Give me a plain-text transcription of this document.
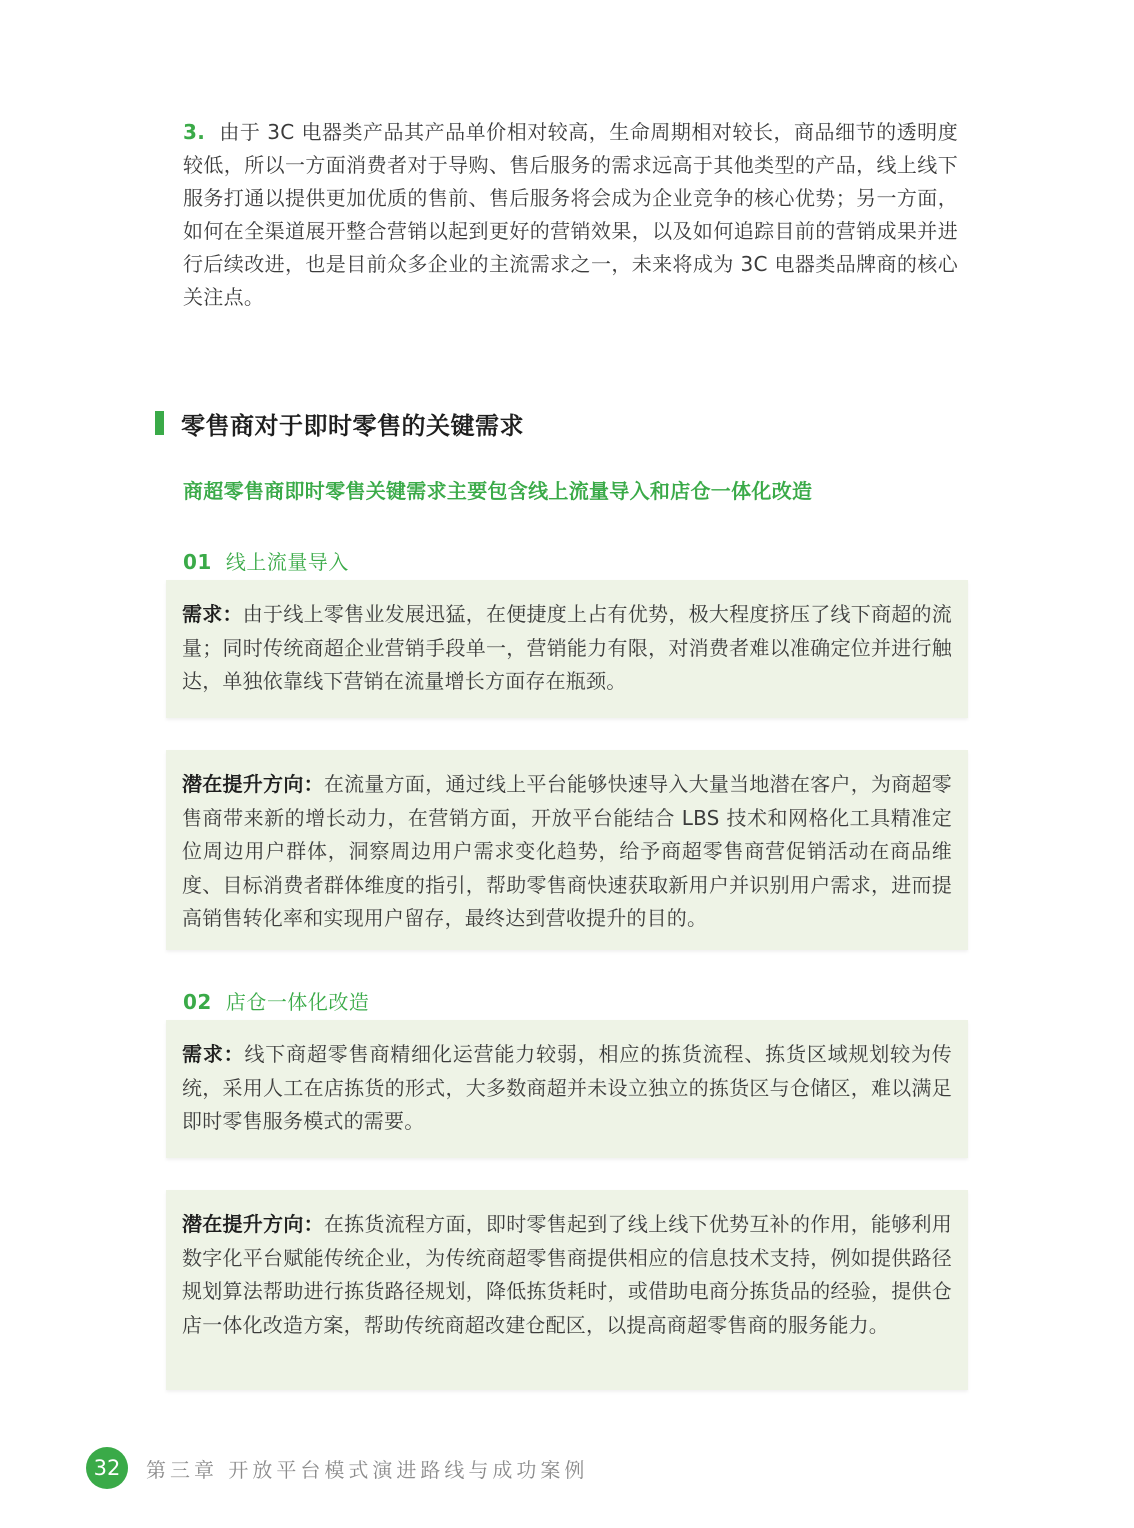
3. 由于 3C 电器类产品其产品单价相对较高，生命周期相对较长，商品细节的透明度较低，所以一方面消费者对于导购、售后服务的需求远高于其他类型的产品，线上线下服务打通以提供更加优质的售前、售后服务将会成为企业竞争的核心优势；另一方面，如何在全渠道展开整合营销以起到更好的营销效果，以及如何追踪目前的营销成果并进行后续改进，也是目前众多企业的主流需求之一，未来将成为 3C 电器类品牌商的核心关注点。
零售商对于即时零售的关键需求
商超零售商即时零售关键需求主要包含线上流量导入和店仓一体化改造
01 线上流量导入

需求：由于线上零售业发展迅猛，在便捷度上占有优势，极大程度挤压了线下商超的流量；同时传统商超企业营销手段单一，营销能力有限，对消费者难以准确定位并进行触达，单独依靠线下营销在流量增长方面存在瓶颈。

潜在提升方向：在流量方面，通过线上平台能够快速导入大量当地潜在客户，为商超零售商带来新的增长动力，在营销方面，开放平台能结合 LBS 技术和网格化工具精准定位周边用户群体，洞察周边用户需求变化趋势，给予商超零售商营促销活动在商品维度、目标消费者群体维度的指引，帮助零售商快速获取新用户并识别用户需求，进而提高销售转化率和实现用户留存，最终达到营收提升的目的。

02 店仓一体化改造

需求：线下商超零售商精细化运营能力较弱，相应的拣货流程、拣货区域规划较为传统，采用人工在店拣货的形式，大多数商超并未设立独立的拣货区与仓储区，难以满足即时零售服务模式的需要。

潜在提升方向：在拣货流程方面，即时零售起到了线上线下优势互补的作用，能够利用数字化平台赋能传统企业，为传统商超零售商提供相应的信息技术支持，例如提供路径规划算法帮助进行拣货路径规划，降低拣货耗时，或借助电商分拣货品的经验，提供仓店一体化改造方案，帮助传统商超改建仓配区，以提高商超零售商的服务能力。

32	第三章 开放平台模式演进路线与成功案例
